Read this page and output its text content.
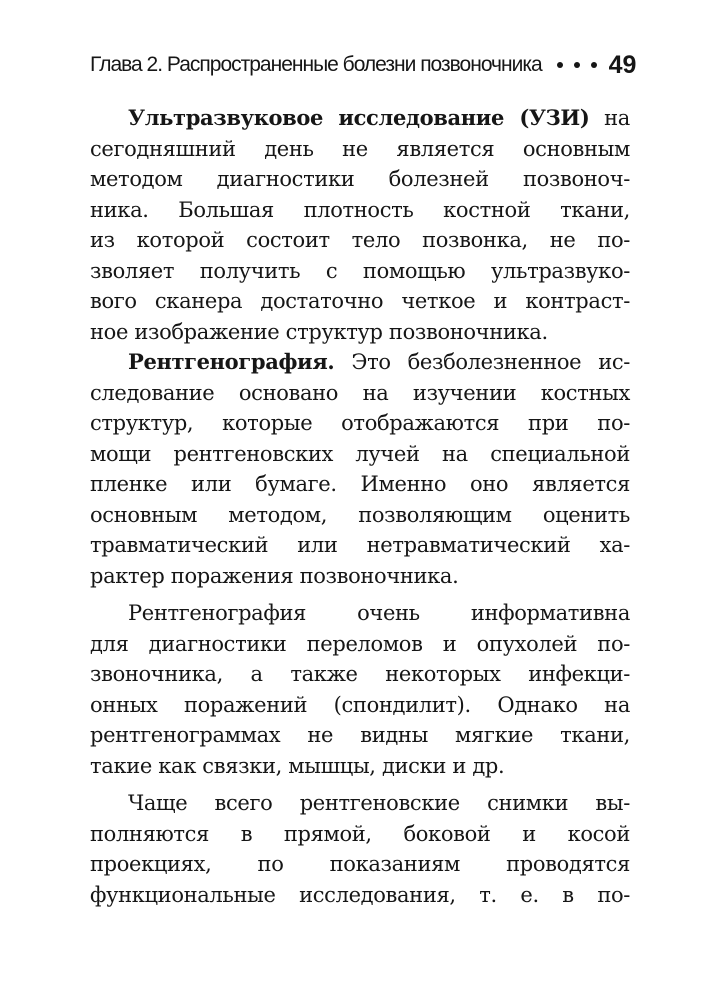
Глава 2. Распространенные болезни позвоночника	49
Ультразвуковое исследование (УЗИ) на
сегодняшний день не является основным
методом диагностики болезней позвоноч-
ника. Большая плотность костной ткани,
из которой состоит тело позвонка, не по-
зволяет получить с помощью ультразвуко-
вого сканера достаточно четкое и контраст-
ное изображение структур позвоночника.
Рентгенография. Это безболезненное ис-
следование основано на изучении костных
структур, которые отображаются при по-
мощи рентгеновских лучей на специальной
пленке или бумаге. Именно оно является
основным методом, позволяющим оценить
травматический или нетравматический ха-
рактер поражения позвоночника.
Рентгенография очень информативна
для диагностики переломов и опухолей по-
звоночника, а также некоторых инфекци-
онных поражений (спондилит). Однако на
рентгенограммах не видны мягкие ткани,
такие как связки, мышцы, диски и др.
Чаще всего рентгеновские снимки вы-
полняются в прямой, боковой и косой
проекциях, по показаниям проводятся
функциональные исследования, т. е. в по-
